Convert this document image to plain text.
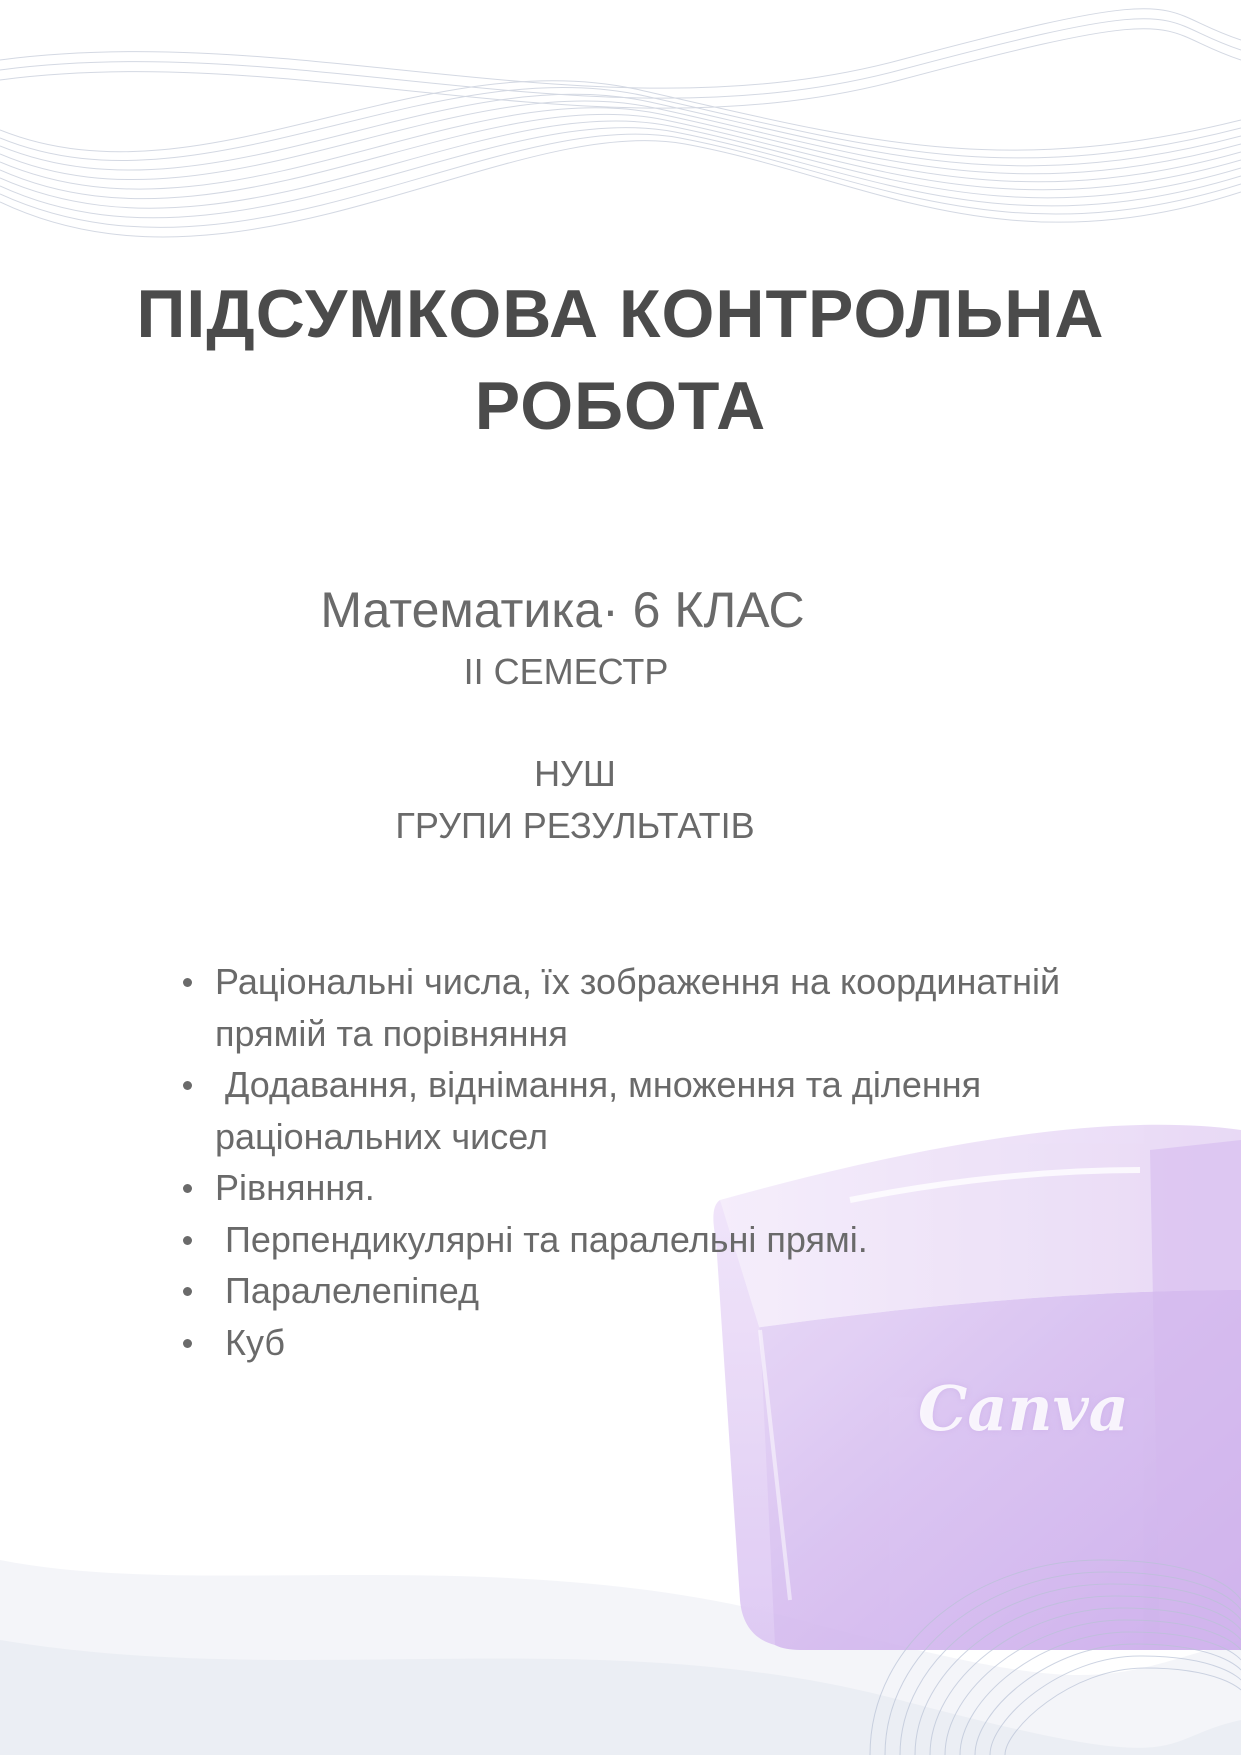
ПІДСУМКОВА КОНТРОЛЬНА
РОБОТА
Математика· 6 КЛАС
ІІ СЕМЕСТР
НУШ
ГРУПИ РЕЗУЛЬТАТІВ
Раціональні числа, їх зображення на координатній прямій та порівняння
Додавання, віднімання, множення та ділення раціональних чисел
Рівняння.
Перпендикулярні та паралельні прямі.
Паралелепіпед
Куб
Canva
